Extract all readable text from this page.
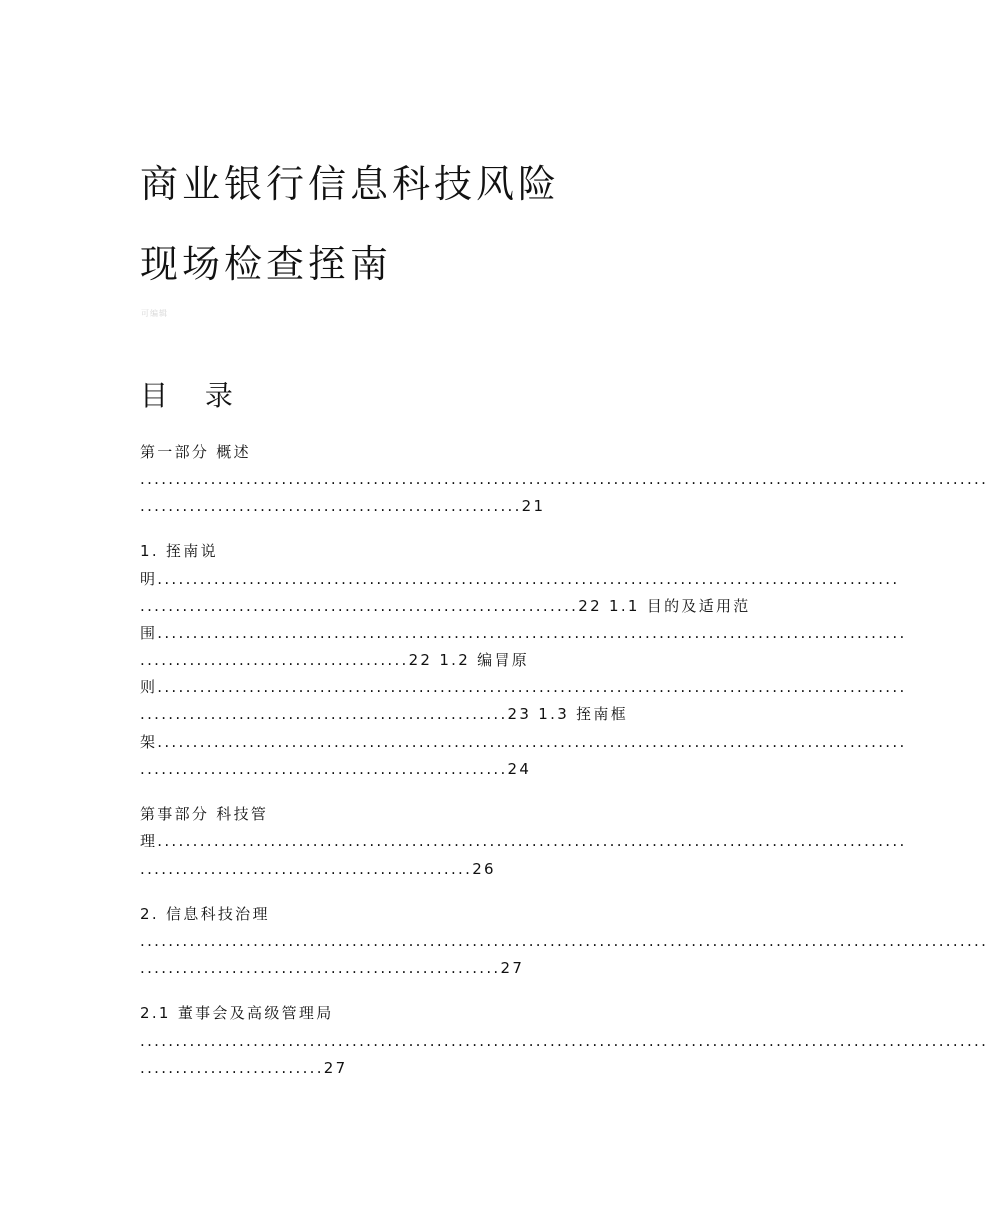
商业银行信息科技风险
现场检查挃南
可编辑
目 录
第一部分 概述
........................................................................................................................
......................................................21
1. 挃南说
明.........................................................................................................
..............................................................22 1.1 目的及适用范
围..........................................................................................................
......................................22 1.2 编冐原
则..........................................................................................................
....................................................23 1.3 挃南框
架..........................................................................................................
....................................................24
第事部分 科技管
理..........................................................................................................
...............................................26
2. 信息科技治理
........................................................................................................................
...................................................27
2.1 董事会及高级管理局
........................................................................................................................
..........................27
